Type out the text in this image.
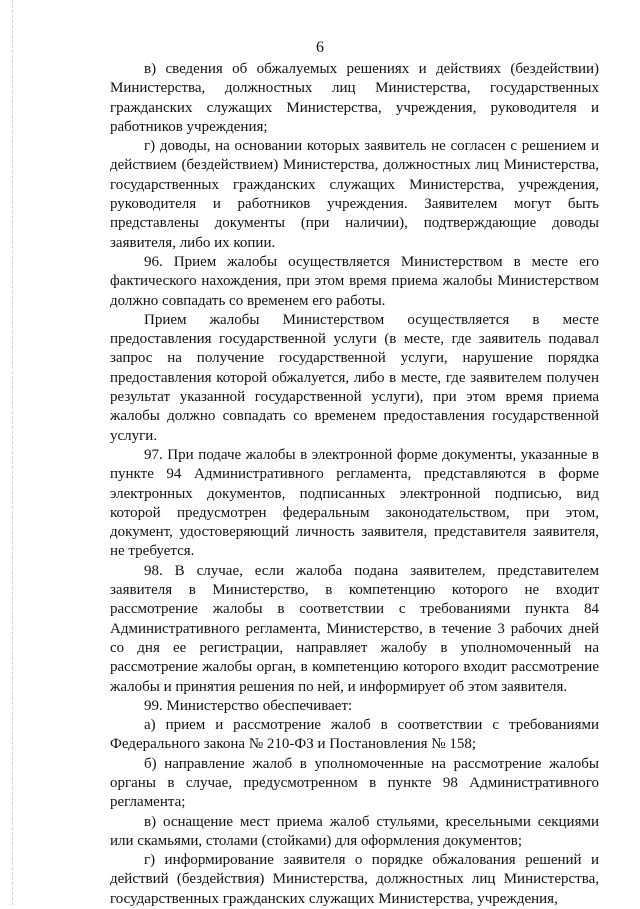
6

в) сведения об обжалуемых решениях и действиях (бездействии) Министерства, должностных лиц Министерства, государственных гражданских служащих Министерства, учреждения, руководителя и работников учреждения;

г) доводы, на основании которых заявитель не согласен с решением и действием (бездействием) Министерства, должностных лиц Министерства, государственных гражданских служащих Министерства, учреждения, руководителя и работников учреждения. Заявителем могут быть представлены документы (при наличии), подтверждающие доводы заявителя, либо их копии.

96. Прием жалобы осуществляется Министерством в месте его фактического нахождения, при этом время приема жалобы Министерством должно совпадать со временем его работы.

Прием жалобы Министерством осуществляется в месте предоставления государственной услуги (в месте, где заявитель подавал запрос на получение государственной услуги, нарушение порядка предоставления которой обжалуется, либо в месте, где заявителем получен результат указанной государственной услуги), при этом время приема жалобы должно совпадать со временем предоставления государственной услуги.

97. При подаче жалобы в электронной форме документы, указанные в пункте 94 Административного регламента, представляются в форме электронных документов, подписанных электронной подписью, вид которой предусмотрен федеральным законодательством, при этом, документ, удостоверяющий личность заявителя, представителя заявителя, не требуется.

98. В случае, если жалоба подана заявителем, представителем заявителя в Министерство, в компетенцию которого не входит рассмотрение жалобы в соответствии с требованиями пункта 84 Административного регламента, Министерство, в течение 3 рабочих дней со дня ее регистрации, направляет жалобу в уполномоченный на рассмотрение жалобы орган, в компетенцию которого входит рассмотрение жалобы и принятия решения по ней, и информирует об этом заявителя.

99. Министерство обеспечивает:

а) прием и рассмотрение жалоб в соответствии с требованиями Федерального закона № 210-ФЗ и Постановления № 158;

б) направление жалоб в уполномоченные на рассмотрение жалобы органы в случае, предусмотренном в пункте 98 Административного регламента;

в) оснащение мест приема жалоб стульями, кресельными секциями или скамьями, столами (стойками) для оформления документов;

г) информирование заявителя о порядке обжалования решений и действий (бездействия) Министерства, должностных лиц Министерства, государственных гражданских служащих Министерства, учреждения,
